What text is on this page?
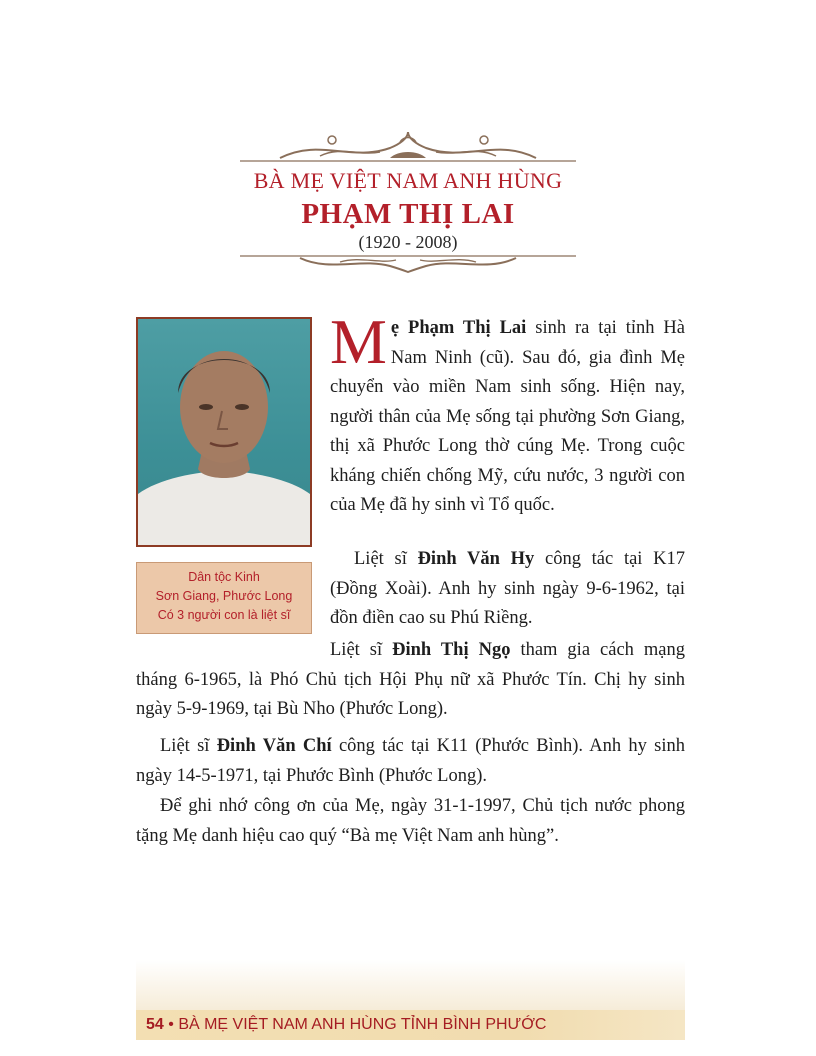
BÀ MẸ VIỆT NAM ANH HÙNG
PHẠM THỊ LAI
(1920 - 2008)
Dân tộc Kinh
Sơn Giang, Phước Long
Có 3 người con là liệt sĩ
Mẹ Phạm Thị Lai sinh ra tại tỉnh Hà Nam Ninh (cũ). Sau đó, gia đình Mẹ chuyển vào miền Nam sinh sống. Hiện nay, người thân của Mẹ sống tại phường Sơn Giang, thị xã Phước Long thờ cúng Mẹ. Trong cuộc kháng chiến chống Mỹ, cứu nước, 3 người con của Mẹ đã hy sinh vì Tổ quốc.
Liệt sĩ Đinh Văn Hy công tác tại K17 (Đồng Xoài). Anh hy sinh ngày 9-6-1962, tại đồn điền cao su Phú Riềng.
Liệt sĩ Đinh Thị Ngọ tham gia cách mạng tháng 6-1965, là Phó Chủ tịch Hội Phụ nữ xã Phước Tín. Chị hy sinh ngày 5-9-1969, tại Bù Nho (Phước Long).
Liệt sĩ Đinh Văn Chí công tác tại K11 (Phước Bình). Anh hy sinh ngày 14-5-1971, tại Phước Bình (Phước Long).
Để ghi nhớ công ơn của Mẹ, ngày 31-1-1997, Chủ tịch nước phong tặng Mẹ danh hiệu cao quý “Bà mẹ Việt Nam anh hùng”.
54 • BÀ MẸ VIỆT NAM ANH HÙNG TỈNH BÌNH PHƯỚC
